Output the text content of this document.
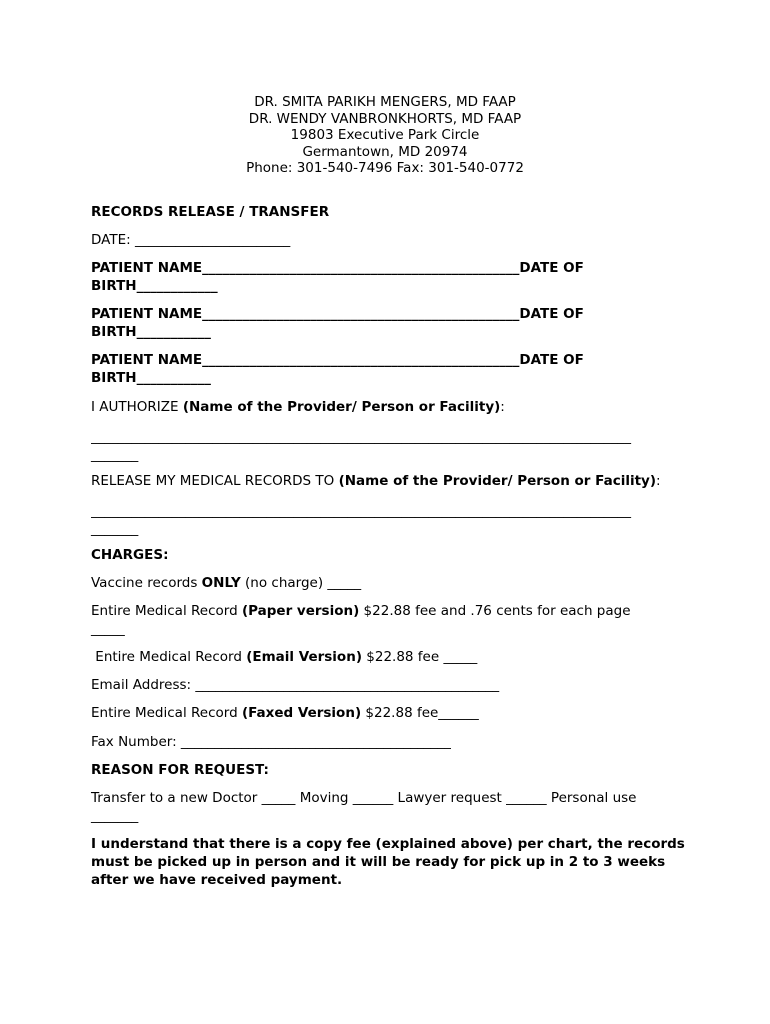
DR. SMITA PARIKH MENGERS, MD FAAP
DR. WENDY VANBRONKHORTS, MD FAAP
19803 Executive Park Circle
Germantown, MD 20974
Phone: 301-540-7496 Fax: 301-540-0772
RECORDS RELEASE / TRANSFER
DATE: _______________________
PATIENT NAME_______________________________________________DATE OF
BIRTH____________
PATIENT NAME_______________________________________________DATE OF
BIRTH___________
PATIENT NAME_______________________________________________DATE OF
BIRTH___________
I AUTHORIZE (Name of the Provider/ Person or Facility):
________________________________________________________________________________
_______
RELEASE MY MEDICAL RECORDS TO (Name of the Provider/ Person or Facility):
________________________________________________________________________________
_______
CHARGES:
Vaccine records ONLY (no charge) _____
Entire Medical Record (Paper version) $22.88 fee and .76 cents for each page
_____
Entire Medical Record (Email Version) $22.88 fee _____
Email Address: _____________________________________________
Entire Medical Record (Faxed Version) $22.88 fee______
Fax Number: ________________________________________
REASON FOR REQUEST:
Transfer to a new Doctor _____ Moving ______ Lawyer request ______ Personal use
_______
I understand that there is a copy fee (explained above) per chart, the records must be picked up in person and it will be ready for pick up in 2 to 3 weeks after we have received payment.
